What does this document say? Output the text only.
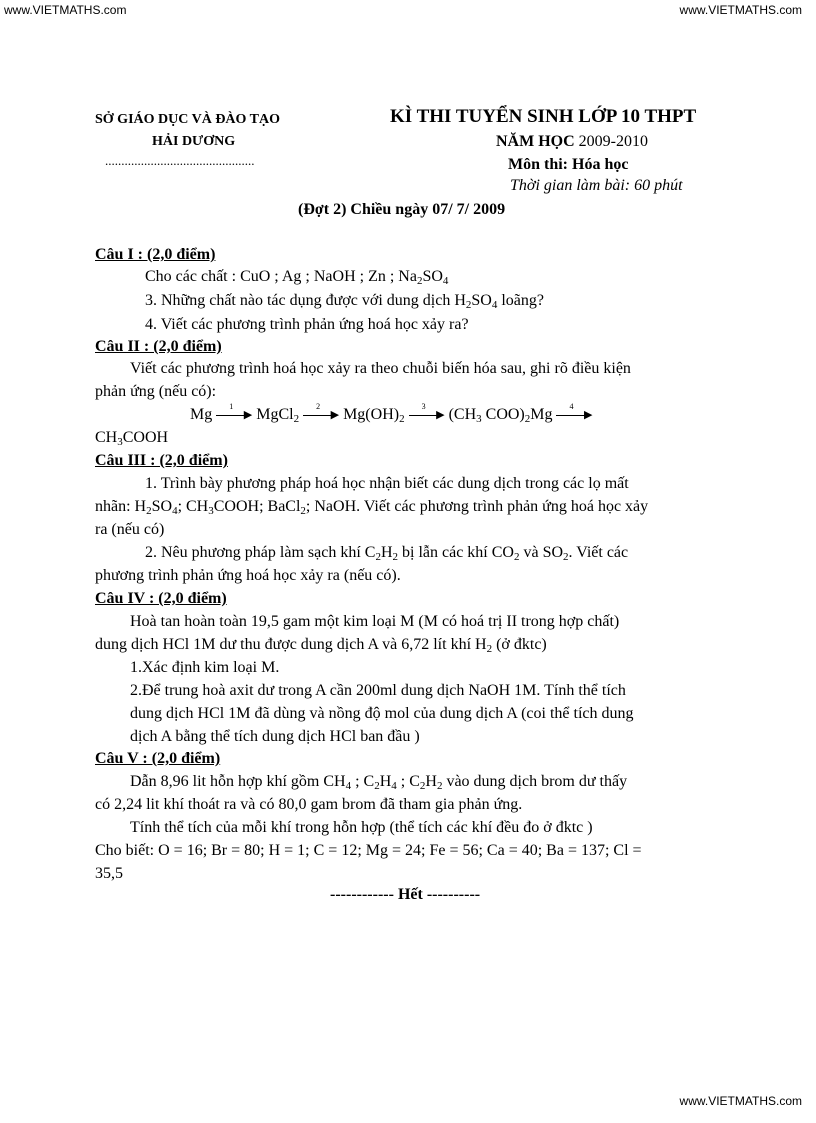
www.VIETMATHS.com	www.VIETMATHS.com
www.VIETMATHS.com
SỞ GIÁO DỤC VÀ ĐÀO TẠO
HẢI DƯƠNG
..............................................
KÌ THI TUYỂN SINH LỚP 10 THPT
NĂM HỌC 2009-2010
Môn thi: Hóa học
Thời gian làm bài: 60 phút
(Đợt 2) Chiều ngày 07/ 7/ 2009
Câu I : (2,0 điểm)
Cho các chất : CuO ; Ag ; NaOH ; Zn ; $Na_2SO_4$
3. Những chất nào tác dụng được với dung dịch $H_2SO_4$ loãng?
4. Viết các phương trình phản ứng hoá học xảy ra?
Câu II : (2,0 điểm)
Viết các phương trình hoá học xảy ra theo chuỗi biến hóa sau, ghi rõ điều kiện
phản ứng (nếu có):
Mg	1
▶ MgCl$_2$
2
▶ $Mg(OH)_2$
3
▶ ($CH_3$ $COO)_2Mg$	4
▶
$CH_3COOH$
Câu III : (2,0 điểm)
1. Trình bày phương pháp hoá học nhận biết các dung dịch trong các lọ mất
nhãn: $H_2SO_4$; $CH_3COOH$; BaCl$_2$; NaOH. Viết các phương trình phản ứng hoá học xảy
ra (nếu có)
2. Nêu phương pháp làm sạch khí $C_2H_2$ bị lẫn các khí $CO_2$ và $SO_2$. Viết các
phương trình phản ứng hoá học xảy ra (nếu có).
Câu IV : (2,0 điểm)
Hoà tan hoàn toàn 19,5 gam một kim loại M (M có hoá trị II trong hợp chất)
dung dịch HCl 1M dư thu được dung dịch A và 6,72 lít khí $H_2$ (ở đktc)
1.Xác định kim loại M.
2.Để trung hoà axit dư trong A cần 200ml dung dịch NaOH 1M. Tính thể tích
dung dịch HCl 1M đã dùng và nồng độ mol của dung dịch A (coi thể tích dung
dịch A bằng thể tích dung dịch HCl ban đầu )
Câu V : (2,0 điểm)
Dẫn 8,96 lit hỗn hợp khí gồm $CH_4$ ; $C_2H_4$ ; $C_2H_2$ vào dung dịch brom dư thấy
có 2,24 lit khí thoát ra và có 80,0 gam brom đã tham gia phản ứng.
Tính thể tích của mỗi khí trong hỗn hợp (thể tích các khí đều đo ở đktc )
Cho biết: O = 16; Br = 80; H = 1; C = 12; Mg = 24; Fe = 56; Ca = 40; Ba = 137; Cl =
35,5
------------ Hết ----------
